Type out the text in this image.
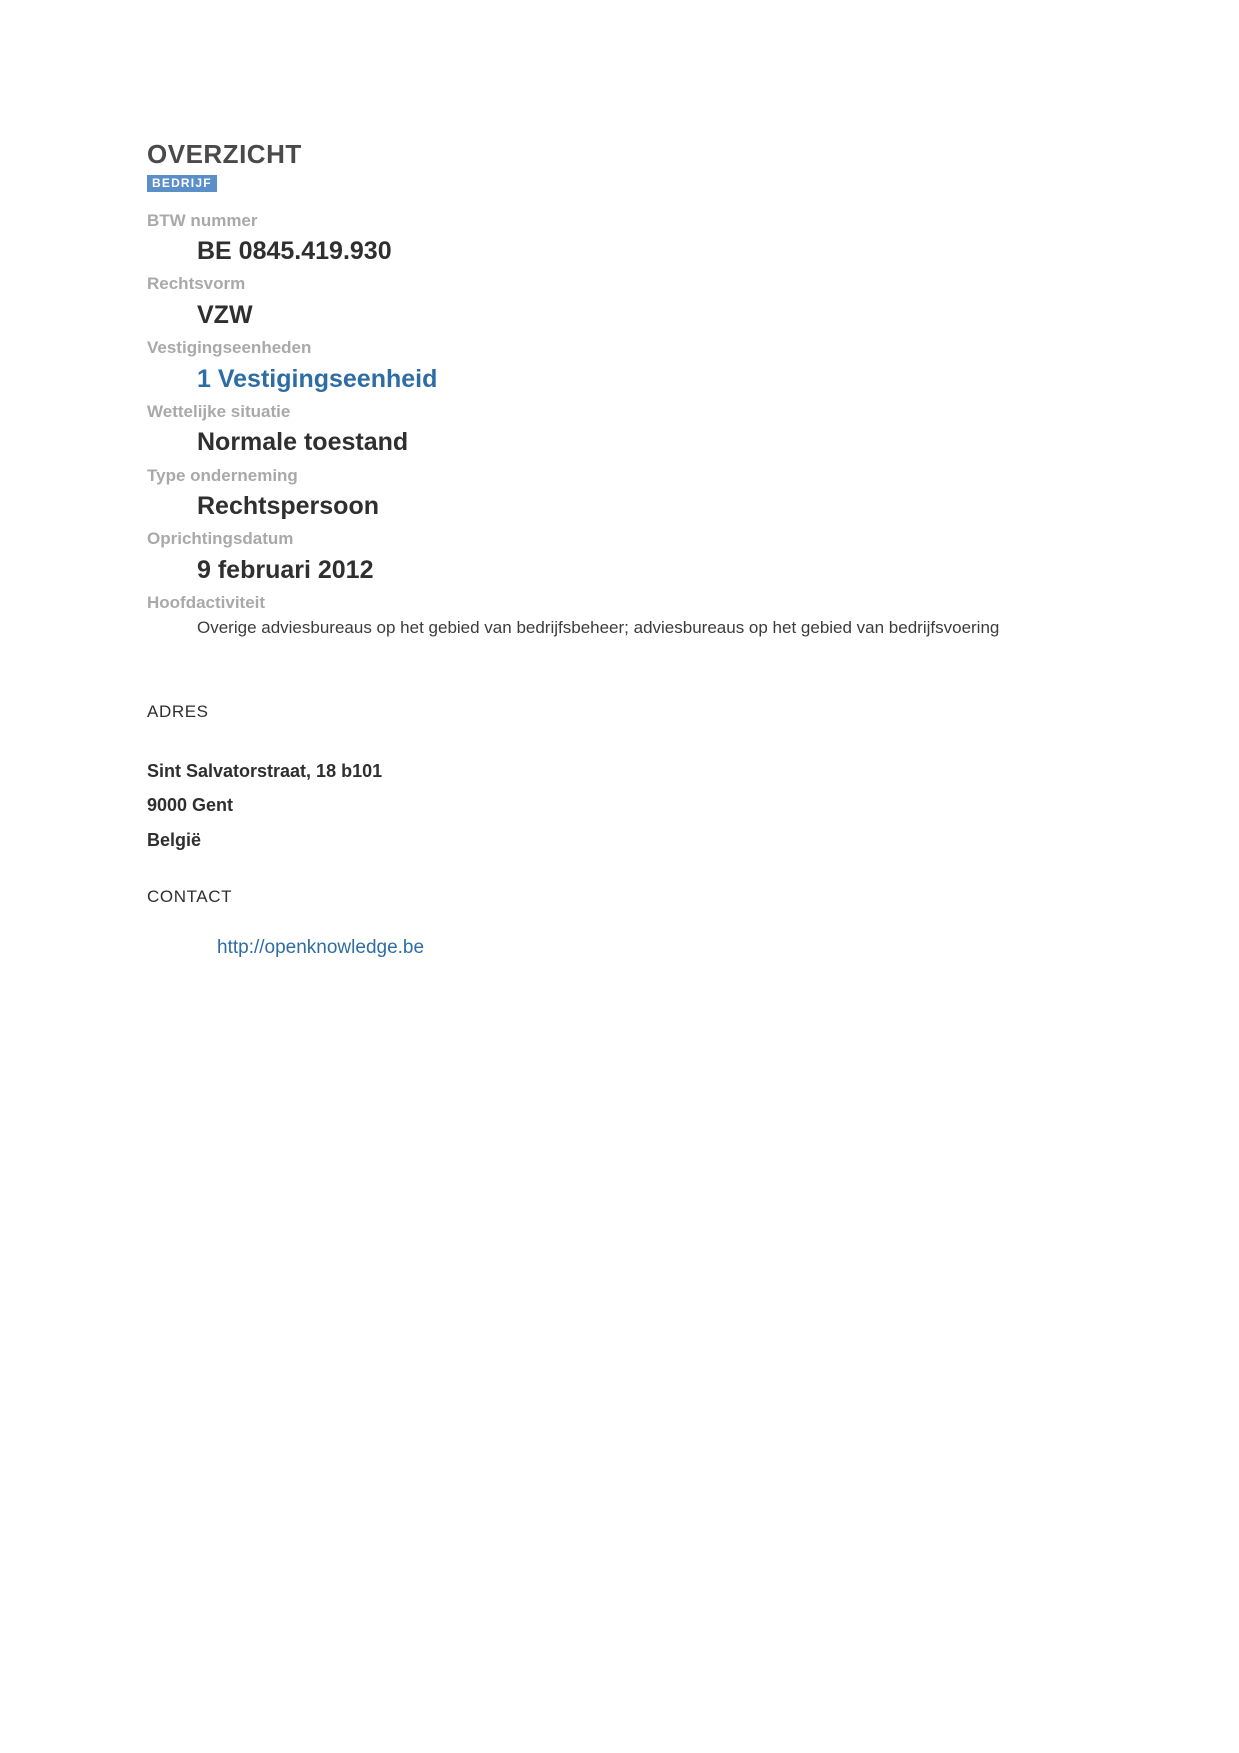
OVERZICHT
BEDRIJF
BTW nummer
BE 0845.419.930
Rechtsvorm
VZW
Vestigingseenheden
1 Vestigingseenheid
Wettelijke situatie
Normale toestand
Type onderneming
Rechtspersoon
Oprichtingsdatum
9 februari 2012
Hoofdactiviteit
Overige adviesbureaus op het gebied van bedrijfsbeheer; adviesbureaus op het gebied van bedrijfsvoering
ADRES
Sint Salvatorstraat, 18 b101
9000 Gent
België
CONTACT
http://openknowledge.be
